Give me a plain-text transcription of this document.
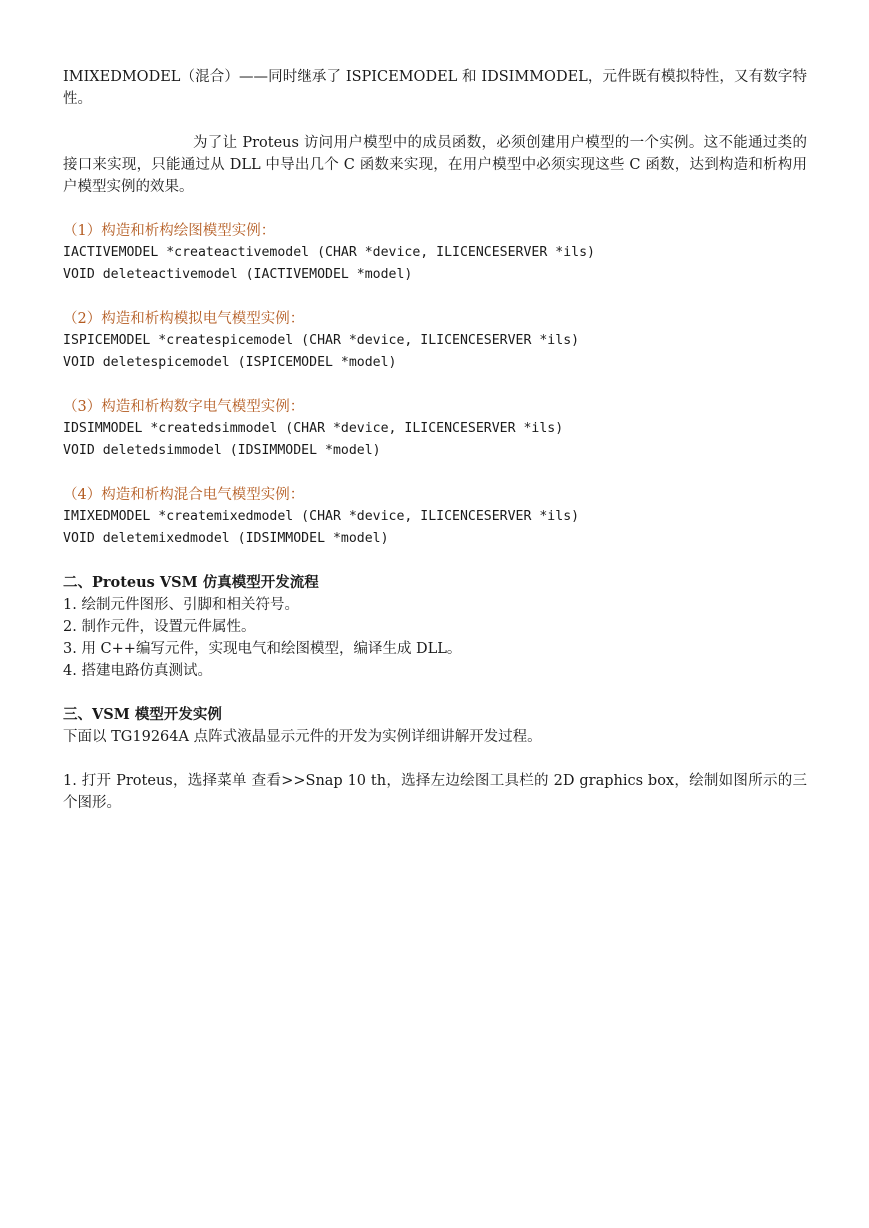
IMIXEDMODEL（混合）——同时继承了 ISPICEMODEL 和 IDSIMMODEL，元件既有模拟特性，又有数字特性。

为了让 Proteus 访问用户模型中的成员函数，必须创建用户模型的一个实例。这不能通过类的接口来实现，只能通过从 DLL 中导出几个 C 函数来实现，在用户模型中必须实现这些 C 函数，达到构造和析构用户模型实例的效果。

（1）构造和析构绘图模型实例：

IACTIVEMODEL *createactivemodel (CHAR *device, ILICENCESERVER *ils)

VOID deleteactivemodel (IACTIVEMODEL *model)

（2）构造和析构模拟电气模型实例：

ISPICEMODEL *createspicemodel (CHAR *device, ILICENCESERVER *ils)

VOID deletespicemodel (ISPICEMODEL *model)

（3）构造和析构数字电气模型实例：

IDSIMMODEL *createdsimmodel (CHAR *device, ILICENCESERVER *ils)

VOID deletedsimmodel (IDSIMMODEL *model)

（4）构造和析构混合电气模型实例：

IMIXEDMODEL *createmixedmodel (CHAR *device, ILICENCESERVER *ils)

VOID deletemixedmodel (IDSIMMODEL *model)

二、Proteus VSM 仿真模型开发流程

1. 绘制元件图形、引脚和相关符号。

2. 制作元件，设置元件属性。

3. 用 C++编写元件，实现电气和绘图模型，编译生成 DLL。

4. 搭建电路仿真测试。

三、VSM 模型开发实例

下面以 TG19264A 点阵式液晶显示元件的开发为实例详细讲解开发过程。

1. 打开 Proteus，选择菜单 查看>>Snap 10 th，选择左边绘图工具栏的 2D graphics box，绘制如图所示的三个图形。
